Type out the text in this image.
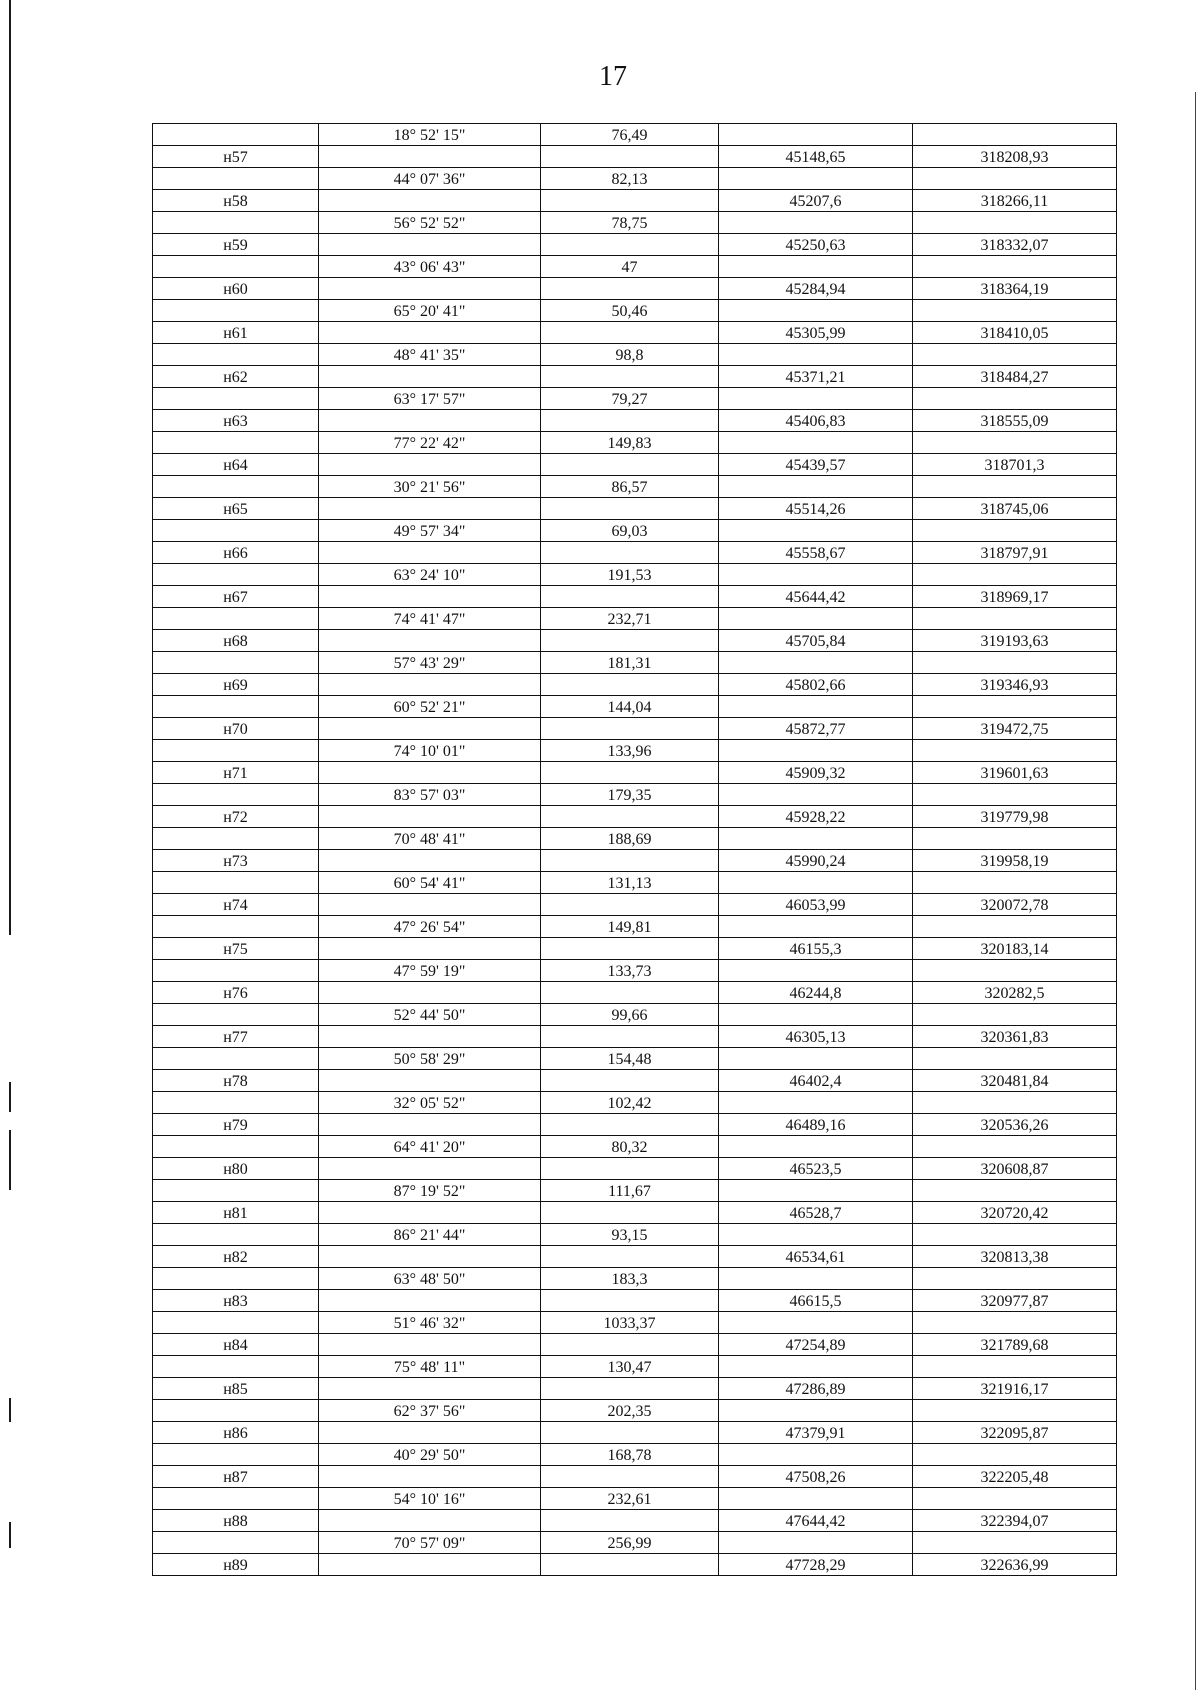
17
18° 52' 15"	76,49
н57	45148,65	318208,93
44° 07' 36"	82,13
н58	45207,6	318266,11
56° 52' 52"	78,75
н59	45250,63	318332,07
43° 06' 43"	47
н60	45284,94	318364,19
65° 20' 41"	50,46
н61	45305,99	318410,05
48° 41' 35"	98,8
н62	45371,21	318484,27
63° 17' 57"	79,27
н63	45406,83	318555,09
77° 22' 42"	149,83
н64	45439,57	318701,3
30° 21' 56"	86,57
н65	45514,26	318745,06
49° 57' 34"	69,03
н66	45558,67	318797,91
63° 24' 10"	191,53
н67	45644,42	318969,17
74° 41' 47"	232,71
н68	45705,84	319193,63
57° 43' 29"	181,31
н69	45802,66	319346,93
60° 52' 21"	144,04
н70	45872,77	319472,75
74° 10' 01"	133,96
н71	45909,32	319601,63
83° 57' 03"	179,35
н72	45928,22	319779,98
70° 48' 41"	188,69
н73	45990,24	319958,19
60° 54' 41"	131,13
н74	46053,99	320072,78
47° 26' 54"	149,81
н75	46155,3	320183,14
47° 59' 19"	133,73
н76	46244,8	320282,5
52° 44' 50"	99,66
н77	46305,13	320361,83
50° 58' 29"	154,48
н78	46402,4	320481,84
32° 05' 52"	102,42
н79	46489,16	320536,26
64° 41' 20"	80,32
н80	46523,5	320608,87
87° 19' 52"	111,67
н81	46528,7	320720,42
86° 21' 44"	93,15
н82	46534,61	320813,38
63° 48' 50"	183,3
н83	46615,5	320977,87
51° 46' 32"	1033,37
н84	47254,89	321789,68
75° 48' 11"	130,47
н85	47286,89	321916,17
62° 37' 56"	202,35
н86	47379,91	322095,87
40° 29' 50"	168,78
н87	47508,26	322205,48
54° 10' 16"	232,61
н88	47644,42	322394,07
70° 57' 09"	256,99
н89	47728,29	322636,99
